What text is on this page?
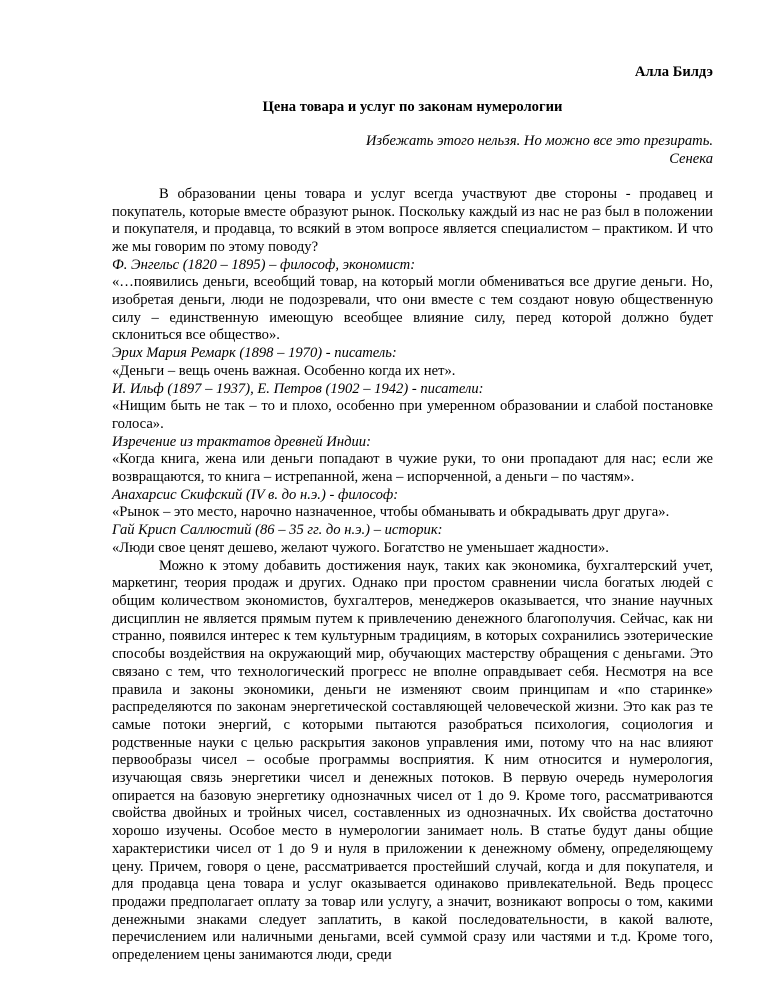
Алла Билдэ
Цена товара и услуг по законам нумерологии
Избежать этого нельзя. Но можно все это презирать.
Сенека

В образовании цены товара и услуг всегда участвуют две стороны - продавец и покупатель, которые вместе образуют рынок. Поскольку каждый из нас не раз был в положении и покупателя, и продавца, то всякий в этом вопросе является специалистом – практиком. И что же мы говорим по этому поводу?

Ф. Энгельс (1820 – 1895) – философ, экономист:

«…появились деньги, всеобщий товар, на который могли обмениваться все другие деньги. Но, изобретая деньги, люди не подозревали, что они вместе с тем создают новую общественную силу – единственную имеющую всеобщее влияние силу, перед которой должно будет склониться все общество».

Эрих Мария Ремарк (1898 – 1970) - писатель:

«Деньги – вещь очень важная. Особенно когда их нет».

И. Ильф (1897 – 1937), Е. Петров (1902 – 1942) - писатели:

«Нищим быть не так – то и плохо, особенно при умеренном образовании и слабой постановке голоса».

Изречение из трактатов древней Индии:

«Когда книга, жена или деньги попадают в чужие руки, то они пропадают для нас; если же возвращаются, то книга – истрепанной, жена – испорченной, а деньги – по частям».

Анахарсис Скифский (IV в. до н.э.) - философ:

«Рынок – это место, нарочно назначенное, чтобы обманывать и обкрадывать друг друга».

Гай Крисп Саллюстий (86 – 35 гг. до н.э.) – историк:

«Люди свое ценят дешево, желают чужого. Богатство не уменьшает жадности».

Можно к этому добавить достижения наук, таких как экономика, бухгалтерский учет, маркетинг, теория продаж и других. Однако при простом сравнении числа богатых людей с общим количеством экономистов, бухгалтеров, менеджеров оказывается, что знание научных дисциплин не является прямым путем к привлечению денежного благополучия. Сейчас, как ни странно, появился интерес к тем культурным традициям, в которых сохранились эзотерические способы воздействия на окружающий мир, обучающих мастерству обращения с деньгами. Это связано с тем, что технологический прогресс не вполне оправдывает себя. Несмотря на все правила и законы экономики, деньги не изменяют своим принципам и «по старинке» распределяются по законам энергетической составляющей человеческой жизни. Это как раз те самые потоки энергий, с которыми пытаются разобраться психология, социология и родственные науки с целью раскрытия законов управления ими, потому что на нас влияют первообразы чисел – особые программы восприятия. К ним относится и нумерология, изучающая связь энергетики чисел и денежных потоков. В первую очередь нумерология опирается на базовую энергетику однозначных чисел от 1 до 9. Кроме того, рассматриваются свойства двойных и тройных чисел, составленных из однозначных. Их свойства достаточно хорошо изучены. Особое место в нумерологии занимает ноль. В статье будут даны общие характеристики чисел от 1 до 9 и нуля в приложении к денежному обмену, определяющему цену. Причем, говоря о цене, рассматривается простейший случай, когда и для покупателя, и для продавца цена товара и услуг оказывается одинаково привлекательной. Ведь процесс продажи предполагает оплату за товар или услугу, а значит, возникают вопросы о том, какими денежными знаками следует заплатить, в какой последовательности, в какой валюте, перечислением или наличными деньгами, всей суммой сразу или частями и т.д. Кроме того, определением цены занимаются люди, среди
